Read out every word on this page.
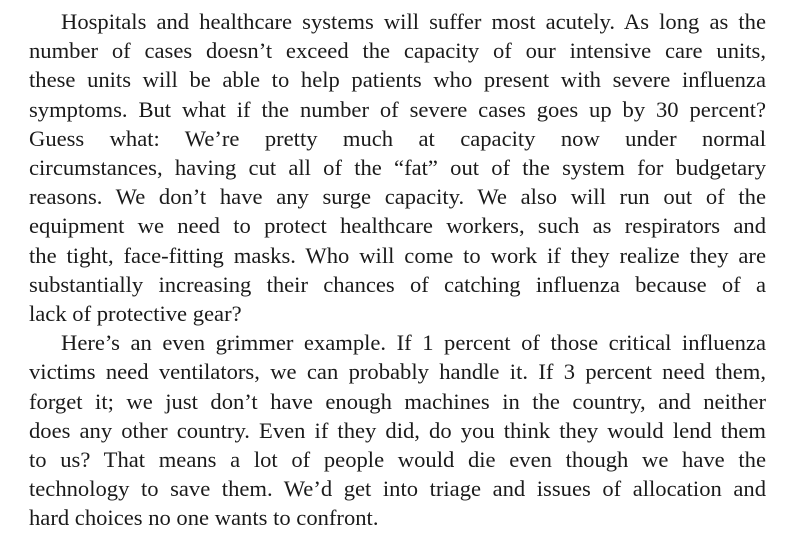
Hospitals and healthcare systems will suffer most acutely. As long as the
number of cases doesn’t exceed the capacity of our intensive care units,
these units will be able to help patients who present with severe influenza
symptoms. But what if the number of severe cases goes up by 30 percent?
Guess what: We’re pretty much at capacity now under normal
circumstances, having cut all of the “fat” out of the system for budgetary
reasons. We don’t have any surge capacity. We also will run out of the
equipment we need to protect healthcare workers, such as respirators and
the tight, face-fitting masks. Who will come to work if they realize they are
substantially increasing their chances of catching influenza because of a
lack of protective gear?
Here’s an even grimmer example. If 1 percent of those critical influenza
victims need ventilators, we can probably handle it. If 3 percent need them,
forget it; we just don’t have enough machines in the country, and neither
does any other country. Even if they did, do you think they would lend them
to us? That means a lot of people would die even though we have the
technology to save them. We’d get into triage and issues of allocation and
hard choices no one wants to confront.
